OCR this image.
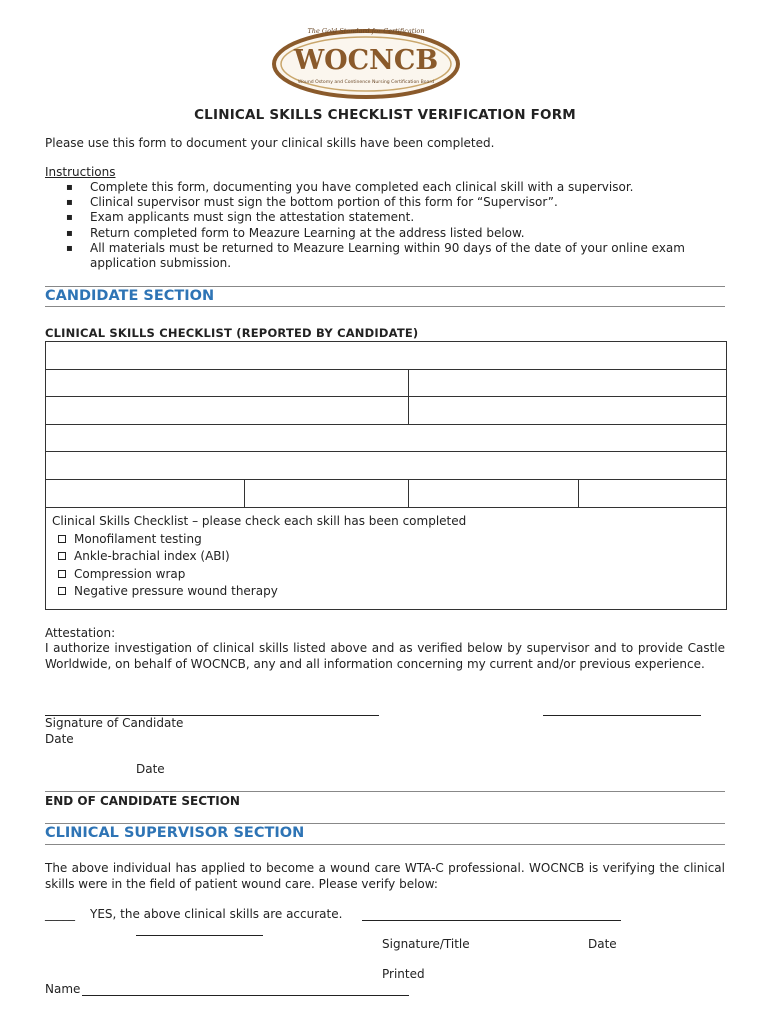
The Gold Standard for Certification
WOCNCB
Wound Ostomy and Continence Nursing Certification Board
CLINICAL SKILLS CHECKLIST VERIFICATION FORM
Please use this form to document your clinical skills have been completed.
Instructions
▪ Complete this form, documenting you have completed each clinical skill with a supervisor.
▪ Clinical supervisor must sign the bottom portion of this form for “Supervisor”.
▪ Exam applicants must sign the attestation statement.
▪ Return completed form to Meazure Learning at the address listed below.
▪ All materials must be returned to Meazure Learning within 90 days of the date of your online exam
application submission.
CANDIDATE SECTION
CLINICAL SKILLS CHECKLIST (REPORTED BY CANDIDATE)
Clinical Skills Checklist – please check each skill has been completed
Monofilament testing
Ankle-brachial index (ABI)
Compression wrap
Negative pressure wound therapy
Attestation:
I authorize investigation of clinical skills listed above and as verified below by supervisor and to provide Castle Worldwide, on behalf of WOCNCB, any and all information concerning my current and/or previous experience.
Signature of Candidate
Date
Date
END OF CANDIDATE SECTION
CLINICAL SUPERVISOR SECTION
The above individual has applied to become a wound care WTA-C professional. WOCNCB is verifying the clinical skills were in the field of patient wound care. Please verify below:
_____ YES, the above clinical skills are accurate.
Signature/Title	Date
Printed
Name
